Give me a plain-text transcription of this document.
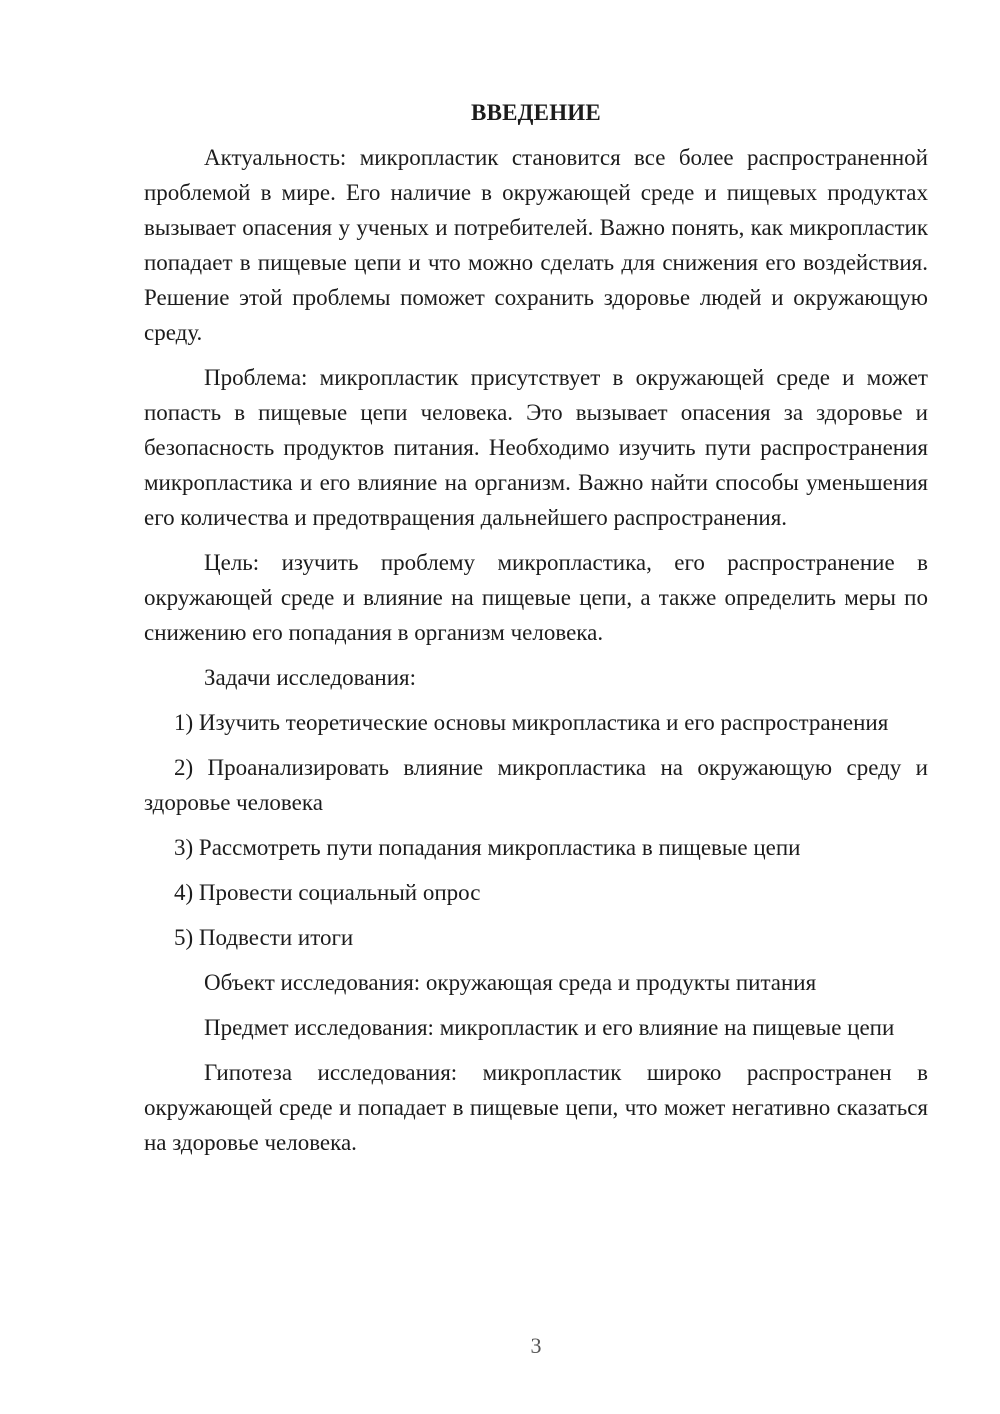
ВВЕДЕНИЕ

Актуальность: микропластик становится все более распространенной проблемой в мире. Его наличие в окружающей среде и пищевых продуктах вызывает опасения у ученых и потребителей. Важно понять, как микропластик попадает в пищевые цепи и что можно сделать для снижения его воздействия. Решение этой проблемы поможет сохранить здоровье людей и окружающую среду.

Проблема: микропластик присутствует в окружающей среде и может попасть в пищевые цепи человека. Это вызывает опасения за здоровье и безопасность продуктов питания. Необходимо изучить пути распространения микропластика и его влияние на организм. Важно найти способы уменьшения его количества и предотвращения дальнейшего распространения.

Цель: изучить проблему микропластика, его распространение в окружающей среде и влияние на пищевые цепи, а также определить меры по снижению его попадания в организм человека.

Задачи исследования:

1) Изучить теоретические основы микропластика и его распространения

2) Проанализировать влияние микропластика на окружающую среду и здоровье человека

3) Рассмотреть пути попадания микропластика в пищевые цепи

4) Провести социальный опрос

5) Подвести итоги

Объект исследования: окружающая среда и продукты питания

Предмет исследования: микропластик и его влияние на пищевые цепи

Гипотеза исследования: микропластик широко распространен в окружающей среде и попадает в пищевые цепи, что может негативно сказаться на здоровье человека.

3
